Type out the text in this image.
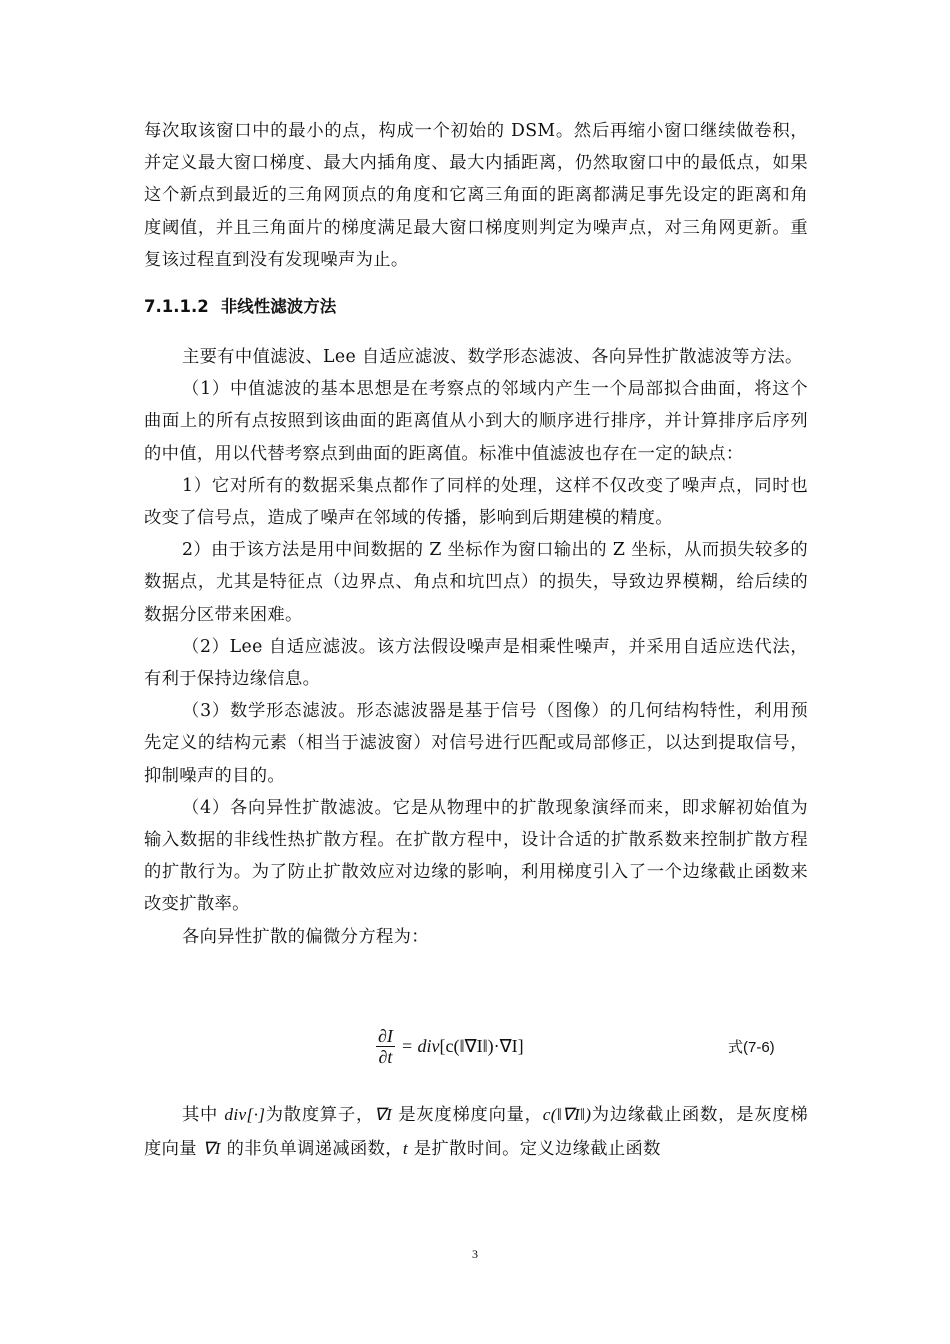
每次取该窗口中的最小的点，构成一个初始的 DSM。然后再缩小窗口继续做卷积，并定义最大窗口梯度、最大内插角度、最大内插距离，仍然取窗口中的最低点，如果这个新点到最近的三角网顶点的角度和它离三角面的距离都满足事先设定的距离和角度阈值，并且三角面片的梯度满足最大窗口梯度则判定为噪声点，对三角网更新。重复该过程直到没有发现噪声为止。

7.1.1.2 非线性滤波方法

主要有中值滤波、Lee 自适应滤波、数学形态滤波、各向异性扩散滤波等方法。

（1）中值滤波的基本思想是在考察点的邻域内产生一个局部拟合曲面，将这个曲面上的所有点按照到该曲面的距离值从小到大的顺序进行排序，并计算排序后序列的中值，用以代替考察点到曲面的距离值。标准中值滤波也存在一定的缺点：

1）它对所有的数据采集点都作了同样的处理，这样不仅改变了噪声点，同时也改变了信号点，造成了噪声在邻域的传播，影响到后期建模的精度。

2）由于该方法是用中间数据的 Z 坐标作为窗口输出的 Z 坐标，从而损失较多的数据点，尤其是特征点（边界点、角点和坑凹点）的损失，导致边界模糊，给后续的数据分区带来困难。

（2）Lee 自适应滤波。该方法假设噪声是相乘性噪声，并采用自适应迭代法，有利于保持边缘信息。

（3）数学形态滤波。形态滤波器是基于信号（图像）的几何结构特性，利用预先定义的结构元素（相当于滤波窗）对信号进行匹配或局部修正，以达到提取信号，抑制噪声的目的。

（4）各向异性扩散滤波。它是从物理中的扩散现象演绎而来，即求解初始值为输入数据的非线性热扩散方程。在扩散方程中，设计合适的扩散系数来控制扩散方程的扩散行为。为了防止扩散效应对边缘的影响，利用梯度引入了一个边缘截止函数来改变扩散率。

各向异性扩散的偏微分方程为：

$\frac{\partial I}{\partial t}$ = div [c(‖∇I‖)·∇I]	式(7-6)

其中 div[·]为散度算子，∇I 是灰度梯度向量，c(‖∇I‖)为边缘截止函数，是灰度梯度向量 ∇I 的非负单调递减函数，t 是扩散时间。定义边缘截止函数

3
